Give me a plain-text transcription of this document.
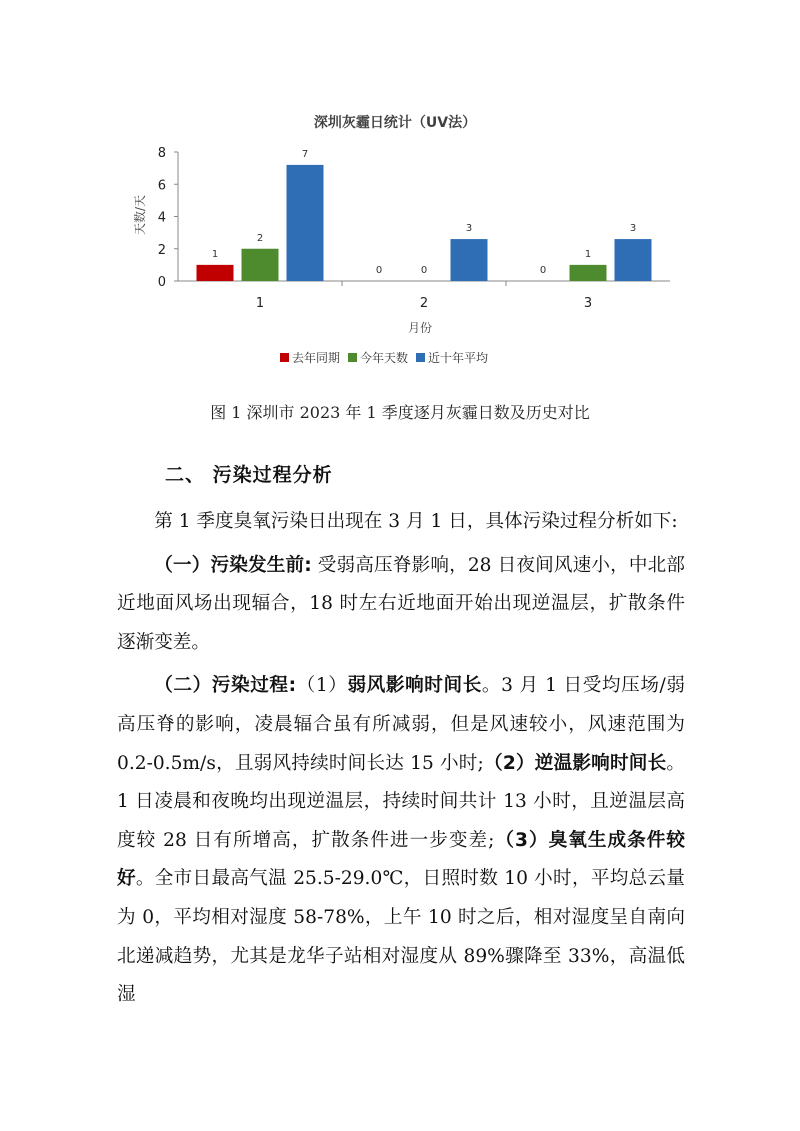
深圳灰霾日统计（UV法）
天数/天
月份
0
2
4
6
8
1
1
2
7
2
0	0
3
3
0
1
3
去年同期 今年天数 近十年平均
图 1 深圳市 2023 年 1 季度逐月灰霾日数及历史对比
二、 污染过程分析

第 1 季度臭氧污染日出现在 3 月 1 日，具体污染过程分析如下:

（一）污染发生前: 受弱高压脊影响，28 日夜间风速小，中北部近地面风场出现辐合，18 时左右近地面开始出现逆温层，扩散条件逐渐变差。

（二）污染过程:（1）弱风影响时间长。3 月 1 日受均压场/弱高压脊的影响，凌晨辐合虽有所减弱，但是风速较小，风速范围为 0.2-0.5m/s，且弱风持续时间长达 15 小时;（2）逆温影响时间长。1 日凌晨和夜晚均出现逆温层，持续时间共计 13 小时，且逆温层高度较 28 日有所增高，扩散条件进一步变差;（3）臭氧生成条件较好。全市日最高气温 25.5-29.0℃，日照时数 10 小时，平均总云量为 0，平均相对湿度 58-78%，上午 10 时之后，相对湿度呈自南向北递减趋势，尤其是龙华子站相对湿度从 89%骤降至 33%，高温低湿
